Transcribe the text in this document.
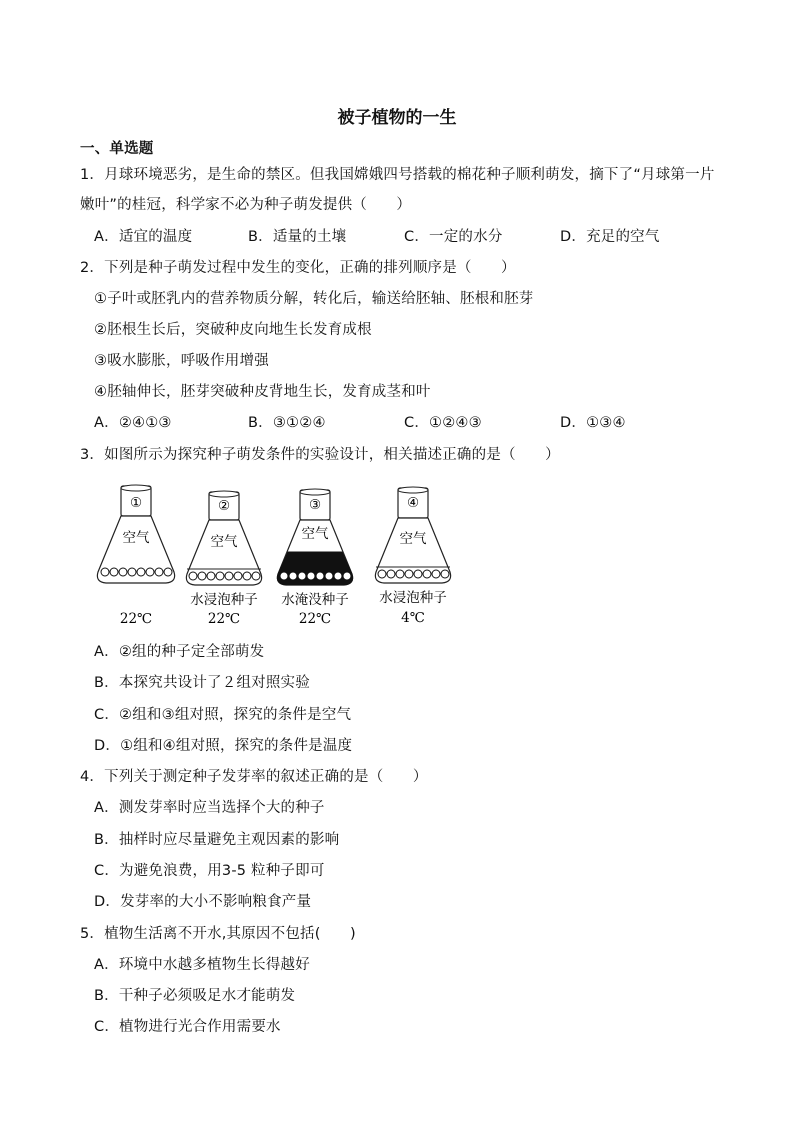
被子植物的一生
一、单选题
1．月球环境恶劣，是生命的禁区。但我国嫦娥四号搭载的棉花种子顺利萌发，摘下了“月球第一片
嫩叶”的桂冠，科学家不必为种子萌发提供（　　）
A．适宜的温度	B．适量的土壤	C．一定的水分	D．充足的空气
2．下列是种子萌发过程中发生的变化，正确的排列顺序是（　　）
①子叶或胚乳内的营养物质分解，转化后，输送给胚轴、胚根和胚芽
②胚根生长后，突破种皮向地生长发育成根
③吸水膨胀，呼吸作用增强
④胚轴伸长，胚芽突破种皮背地生长，发育成茎和叶
A．②④①③	B．③①②④	C．①②④③	D．①③④
3．如图所示为探究种子萌发条件的实验设计，相关描述正确的是（　　）
①
空气
22℃
②
空气
水浸泡种子
22℃
③
空气
水淹没种子
22℃
④
空气
水浸泡种子
4℃
A．②组的种子定全部萌发
B．本探究共设计了２组对照实验
C．②组和③组对照，探究的条件是空气
D．①组和④组对照，探究的条件是温度
4．下列关于测定种子发芽率的叙述正确的是（　　）
A．测发芽率时应当选择个大的种子
B．抽样时应尽量避免主观因素的影响
C．为避免浪费，用3-5 粒种子即可
D．发芽率的大小不影响粮食产量
5．植物生活离不开水,其原因不包括(　　)
A．环境中水越多植物生长得越好
B．干种子必须吸足水才能萌发
C．植物进行光合作用需要水
